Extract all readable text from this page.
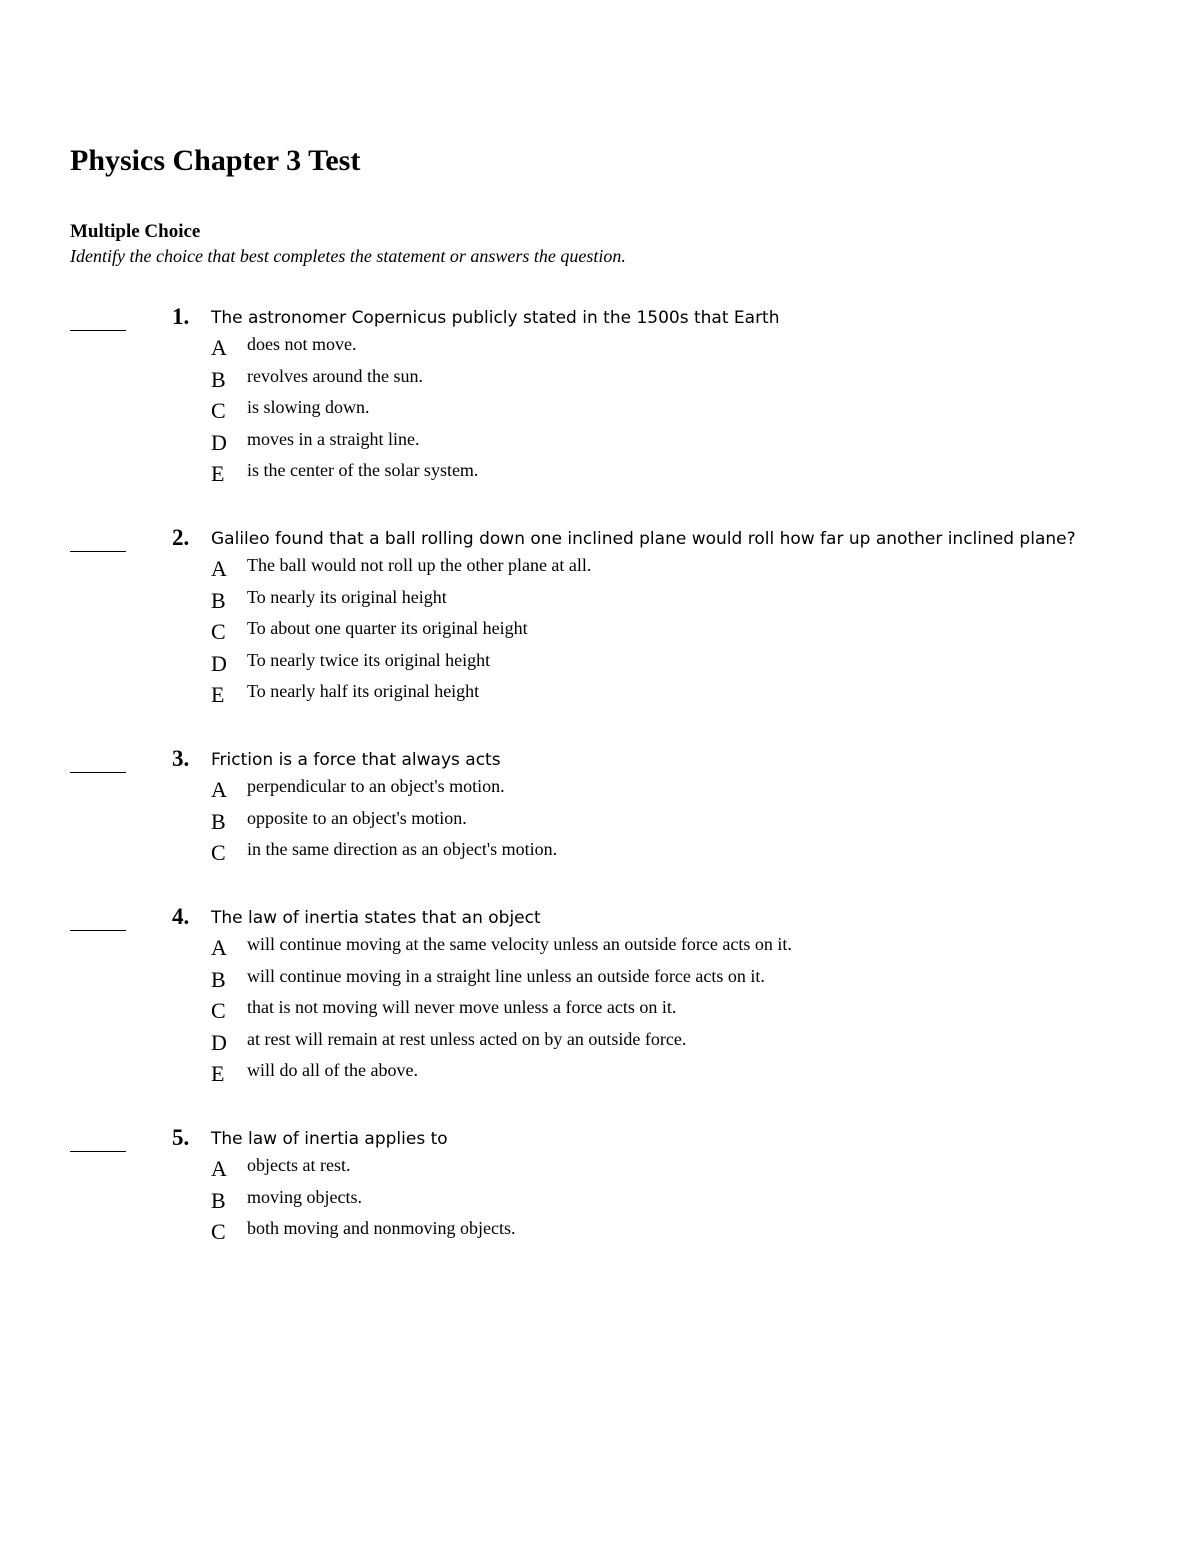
Physics Chapter 3 Test
Multiple Choice
Identify the choice that best completes the statement or answers the question.
1. The astronomer Copernicus publicly stated in the 1500s that Earth
A does not move.
B revolves around the sun.
C is slowing down.
D moves in a straight line.
E is the center of the solar system.
2. Galileo found that a ball rolling down one inclined plane would roll how far up another inclined plane?
A The ball would not roll up the other plane at all.
B To nearly its original height
C To about one quarter its original height
D To nearly twice its original height
E To nearly half its original height
3. Friction is a force that always acts
A perpendicular to an object's motion.
B opposite to an object's motion.
C in the same direction as an object's motion.
4. The law of inertia states that an object
A will continue moving at the same velocity unless an outside force acts on it.
B will continue moving in a straight line unless an outside force acts on it.
C that is not moving will never move unless a force acts on it.
D at rest will remain at rest unless acted on by an outside force.
E will do all of the above.
5. The law of inertia applies to
A objects at rest.
B moving objects.
C both moving and nonmoving objects.
